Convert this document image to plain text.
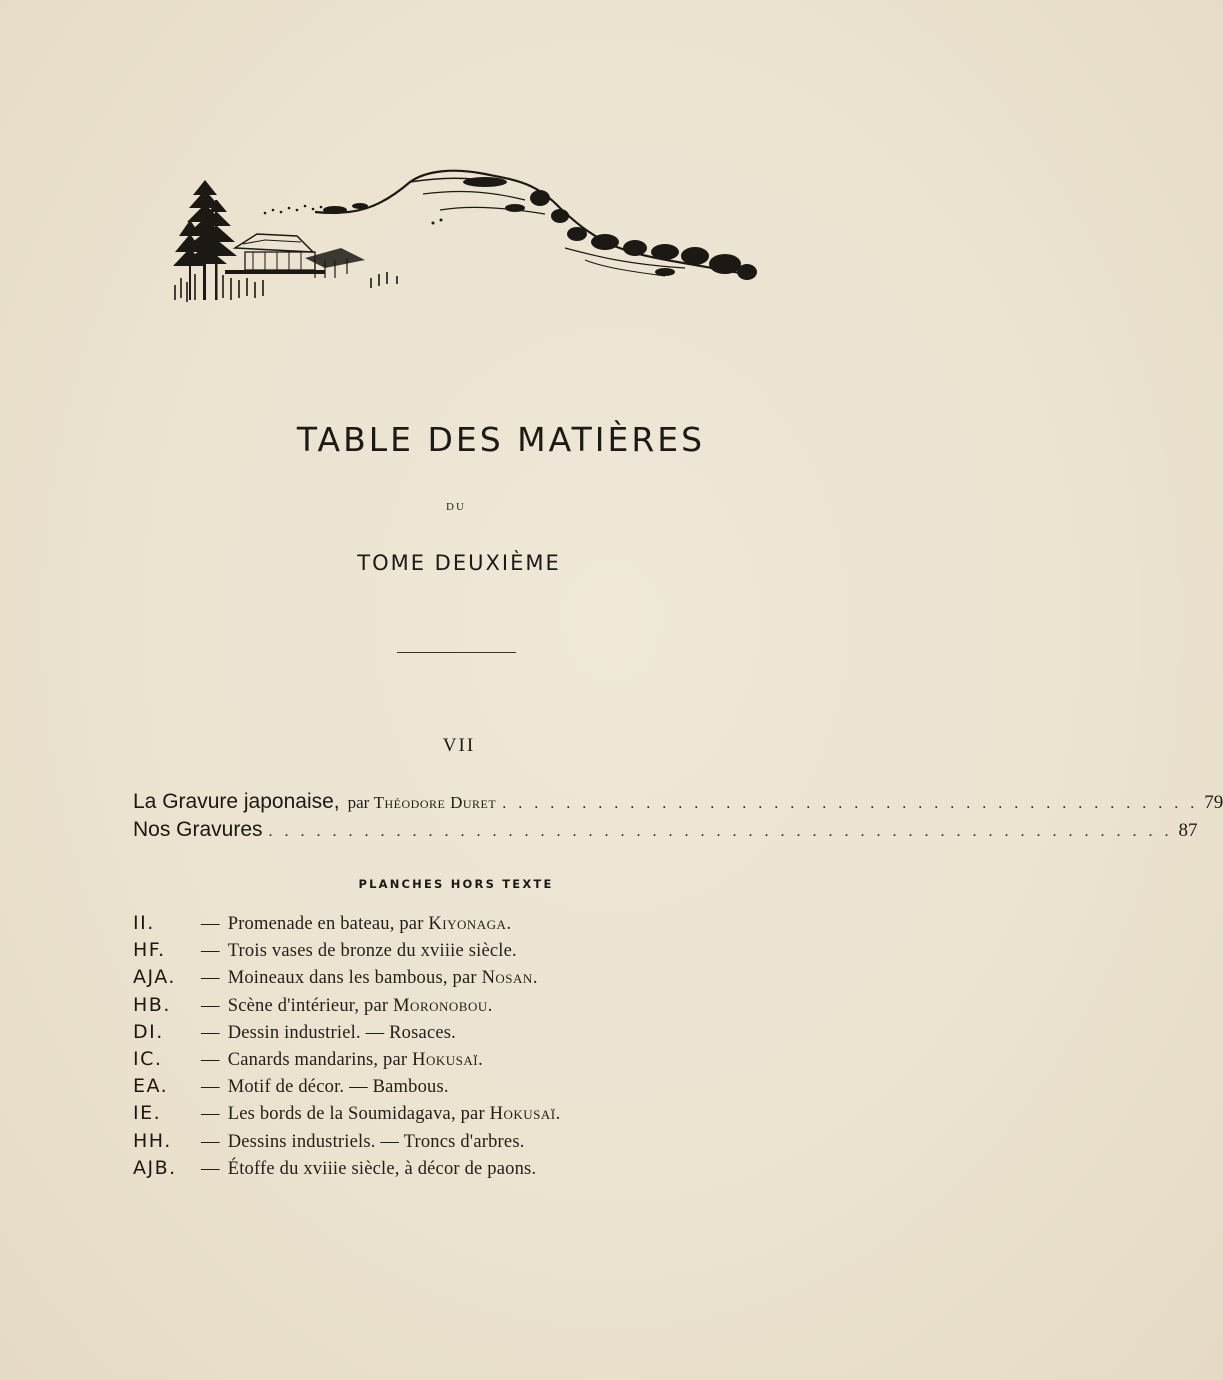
TABLE DES MATIÈRES
DU
TOME DEUXIÈME
VII
La Gravure japonaise, par Théodore Duret . . . . . . . . . . . . . . . . . . . . . . . . . . . . . . . . . . . . . . . . . . . . 79
Nos Gravures . . . . . . . . . . . . . . . . . . . . . . . . . . . . . . . . . . . . . . . . . . . . . . . . . . . . . . . . . 87
PLANCHES HORS TEXTE
II.	— Promenade en bateau, par Kiyonaga.
HF.	— Trois vases de bronze du xviiie siècle.
AJA.	— Moineaux dans les bambous, par Nosan.
HB.	— Scène d'intérieur, par Moronobou.
DI.	— Dessin industriel. — Rosaces.
IC.	— Canards mandarins, par Hokusaï.
EA.	— Motif de décor. — Bambous.
IE.	— Les bords de la Soumidagava, par Hokusaï.
HH.	— Dessins industriels. — Troncs d'arbres.
AJB.	— Étoffe du xviiie siècle, à décor de paons.
